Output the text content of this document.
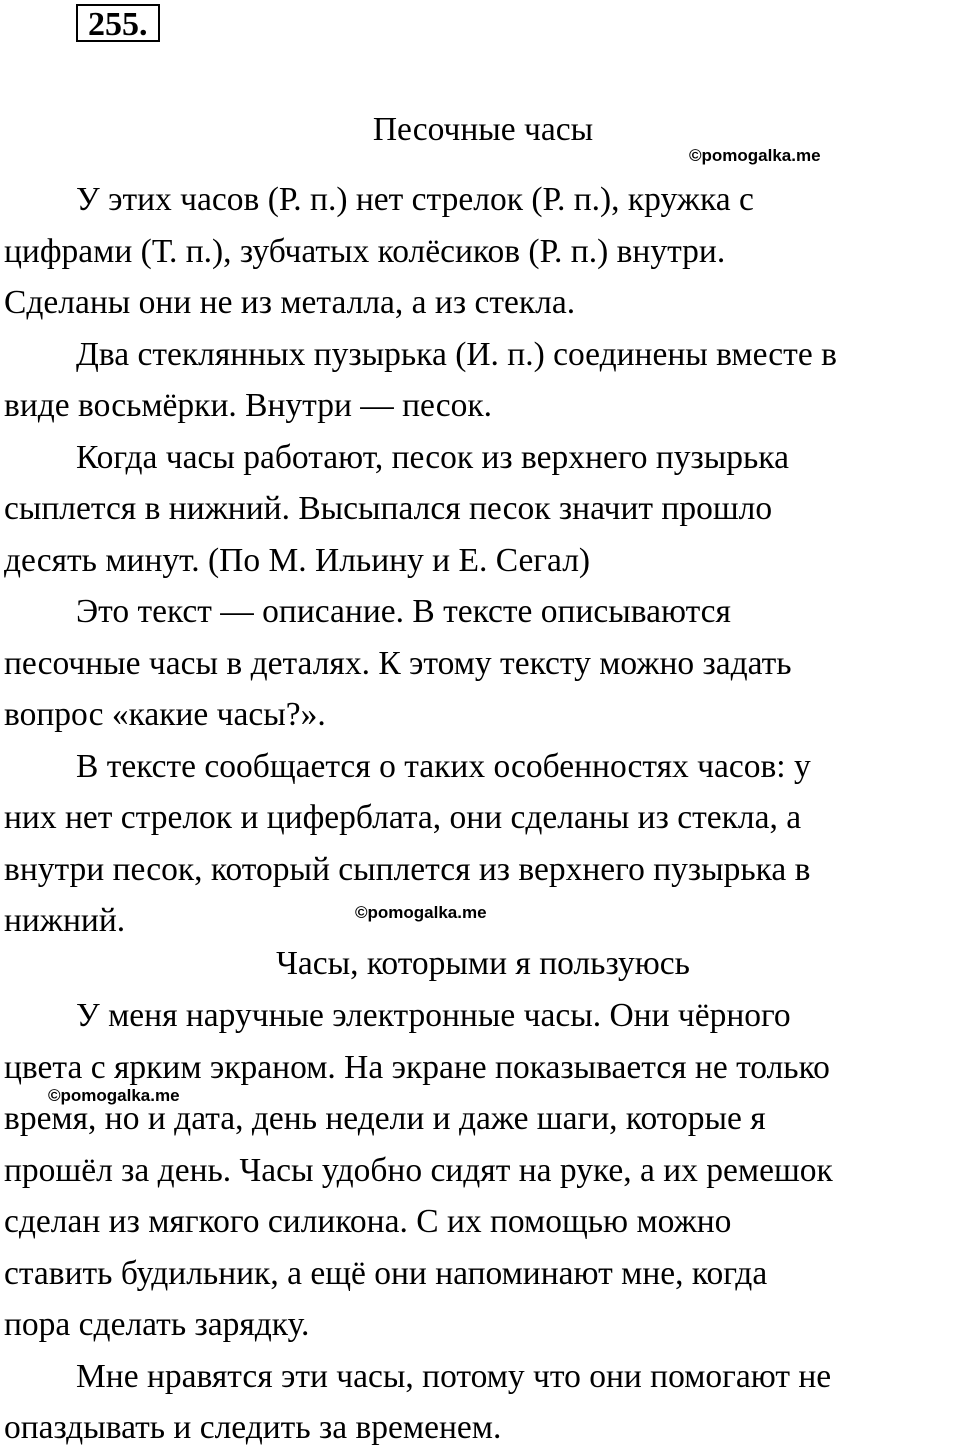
255.
Песочные часы
©pomogalka.me
У этих часов (Р. п.) нет стрелок (Р. п.), кружка с
цифрами (Т. п.), зубчатых колёсиков (Р. п.) внутри.
Сделаны они не из металла, а из стекла.
Два стеклянных пузырька (И. п.) соединены вместе в
виде восьмёрки. Внутри — песок.
Когда часы работают, песок из верхнего пузырька
сыплется в нижний. Высыпался песок значит прошло
десять минут. (По М. Ильину и Е. Сегал)
Это текст — описание. В тексте описываются
песочные часы в деталях. К этому тексту можно задать
вопрос «какие часы?».
В тексте сообщается о таких особенностях часов: у
них нет стрелок и циферблата, они сделаны из стекла, а
внутри песок, который сыплется из верхнего пузырька в
нижний.	©pomogalka.me
Часы, которыми я пользуюсь
У меня наручные электронные часы. Они чёрного
цвета с ярким экраном. На экране показывается не только
время, но и дата, день недели и даже шаги, которые я
прошёл за день. Часы удобно сидят на руке, а их ремешок
сделан из мягкого силикона. С их помощью можно
ставить будильник, а ещё они напоминают мне, когда
пора сделать зарядку.
Мне нравятся эти часы, потому что они помогают не
опаздывать и следить за временем.
©pomogalka.me
